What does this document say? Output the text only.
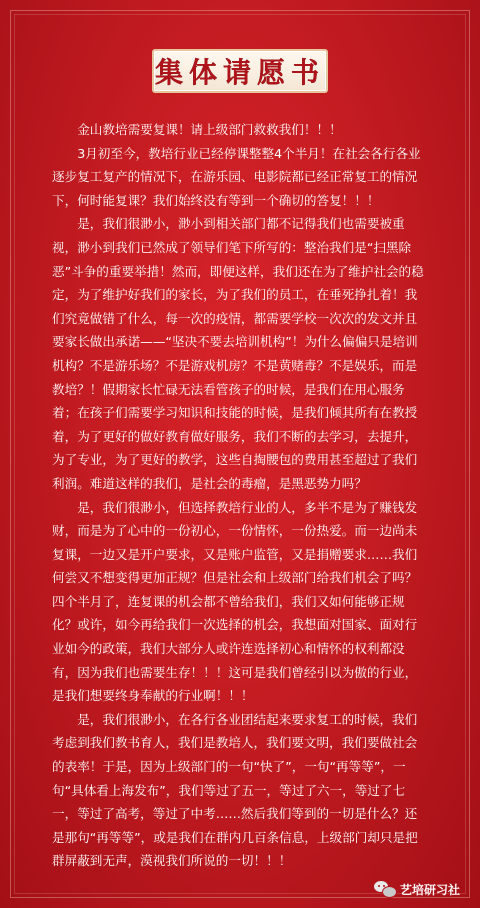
集体请愿书

金山教培需要复课！请上级部门救救我们！！！

3月初至今，教培行业已经停课整整4个半月！在社会各行各业逐步复工复产的情况下，在游乐园、电影院都已经正常复工的情况下，何时能复课？我们始终没有等到一个确切的答复！！！

是，我们很渺小，渺小到相关部门都不记得我们也需要被重视，渺小到我们已然成了领导们笔下所写的：整治我们是“扫黑除恶”斗争的重要举措！然而，即便这样，我们还在为了维护社会的稳定，为了维护好我们的家长，为了我们的员工，在垂死挣扎着！我们究竟做错了什么，每一次的疫情，都需要学校一次次的发文并且要家长做出承诺——“坚决不要去培训机构”！为什么偏偏只是培训机构？不是游乐场？不是游戏机房？不是黄赌毒？不是娱乐，而是教培？！假期家长忙碌无法看管孩子的时候，是我们在用心服务着；在孩子们需要学习知识和技能的时候，是我们倾其所有在教授着，为了更好的做好教育做好服务，我们不断的去学习，去提升，为了专业，为了更好的教学，这些自掏腰包的费用甚至超过了我们利润。难道这样的我们，是社会的毒瘤，是黑恶势力吗？

是，我们很渺小，但选择教培行业的人，多半不是为了赚钱发财，而是为了心中的一份初心，一份情怀，一份热爱。而一边尚未复课，一边又是开户要求，又是账户监管，又是捐赠要求……我们何尝又不想变得更加正规？但是社会和上级部门给我们机会了吗？四个半月了，连复课的机会都不曾给我们，我们又如何能够正规化？或许，如今再给我们一次选择的机会，我想面对国家、面对行业如今的政策，我们大部分人或许连选择初心和情怀的权利都没有，因为我们也需要生存！！！这可是我们曾经引以为傲的行业，是我们想要终身奉献的行业啊！！！

是，我们很渺小，在各行各业团结起来要求复工的时候，我们考虑到我们教书育人，我们是教培人，我们要文明，我们要做社会的表率！于是，因为上级部门的一句“快了”，一句“再等等”，一句“具体看上海发布”，我们等过了五一，等过了六一，等过了七一，等过了高考，等过了中考……然后我们等到的一切是什么？还是那句“再等等”，或是我们在群内几百条信息，上级部门却只是把群屏蔽到无声，漠视我们所说的一切！！！

艺培研习社
